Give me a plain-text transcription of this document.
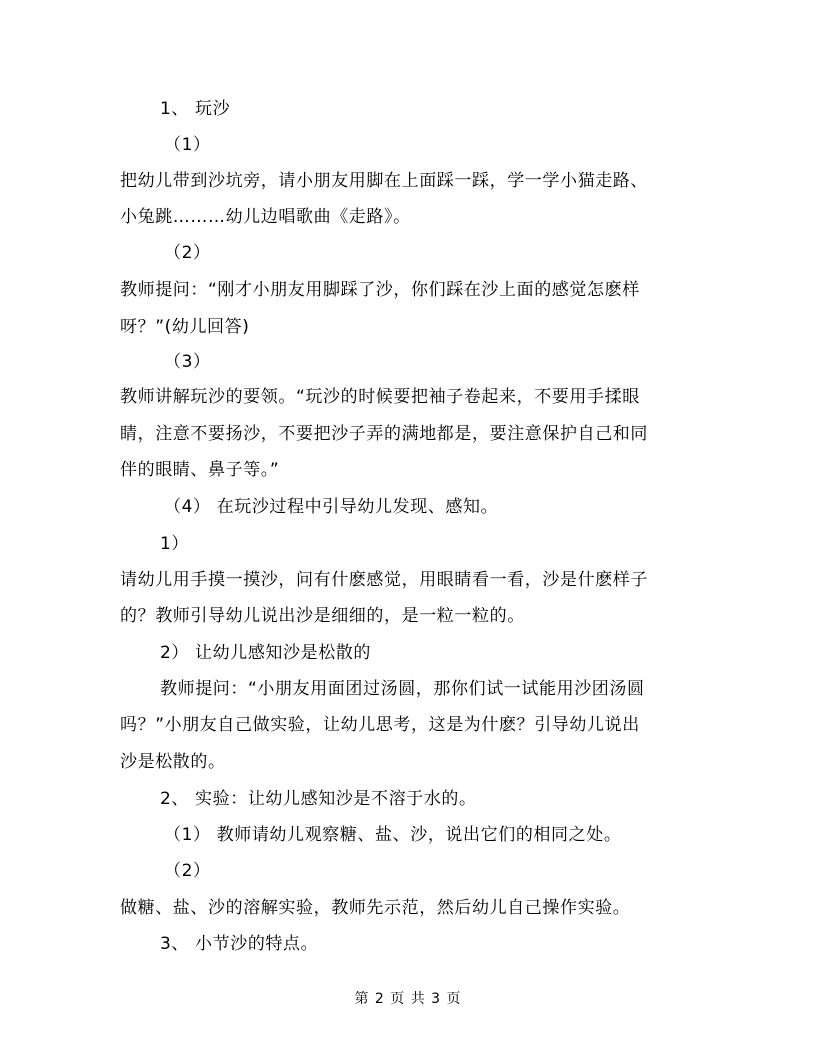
1、 玩沙
（1）
把幼儿带到沙坑旁，请小朋友用脚在上面踩一踩，学一学小猫走路、
小兔跳………幼儿边唱歌曲《走路》。
（2）
教师提问：“刚才小朋友用脚踩了沙，你们踩在沙上面的感觉怎麽样
呀？”(幼儿回答)
（3）
教师讲解玩沙的要领。“玩沙的时候要把袖子卷起来，不要用手揉眼
睛，注意不要扬沙，不要把沙子弄的满地都是，要注意保护自己和同
伴的眼睛、鼻子等。”
（4） 在玩沙过程中引导幼儿发现、感知。
1）
请幼儿用手摸一摸沙，问有什麽感觉，用眼睛看一看，沙是什麽样子
的？教师引导幼儿说出沙是细细的，是一粒一粒的。
2） 让幼儿感知沙是松散的
教师提问：“小朋友用面团过汤圆，那你们试一试能用沙团汤圆
吗？”小朋友自己做实验，让幼儿思考，这是为什麽？引导幼儿说出
沙是松散的。
2、 实验：让幼儿感知沙是不溶于水的。
（1） 教师请幼儿观察糖、盐、沙，说出它们的相同之处。
（2）
做糖、盐、沙的溶解实验，教师先示范，然后幼儿自己操作实验。
3、 小节沙的特点。
第 2 页 共 3 页
